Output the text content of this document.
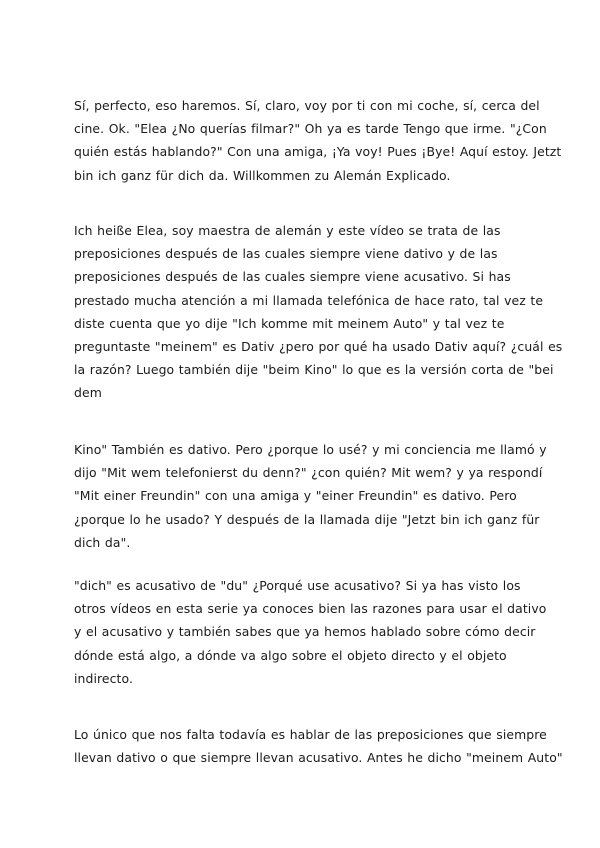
Sí, perfecto, eso haremos. Sí, claro, voy por ti con mi coche, sí, cerca del
cine. Ok. "Elea ¿No querías filmar?" Oh ya es tarde Tengo que irme. "¿Con
quién estás hablando?" Con una amiga, ¡Ya voy! Pues ¡Bye! Aquí estoy. Jetzt
bin ich ganz für dich da. Willkommen zu Alemán Explicado.

Ich heiße Elea, soy maestra de alemán y este vídeo se trata de las
preposiciones después de las cuales siempre viene dativo y de las
preposiciones después de las cuales siempre viene acusativo. Si has
prestado mucha atención a mi llamada telefónica de hace rato, tal vez te
diste cuenta que yo dije "Ich komme mit meinem Auto" y tal vez te
preguntaste "meinem" es Dativ ¿pero por qué ha usado Dativ aquí? ¿cuál es
la razón? Luego también dije "beim Kino" lo que es la versión corta de "bei
dem

Kino" También es dativo. Pero ¿porque lo usé? y mi conciencia me llamó y
dijo "Mit wem telefonierst du denn?" ¿con quién? Mit wem? y ya respondí
"Mit einer Freundin" con una amiga y "einer Freundin" es dativo. Pero
¿porque lo he usado? Y después de la llamada dije "Jetzt bin ich ganz für
dich da".

"dich" es acusativo de "du" ¿Porqué use acusativo? Si ya has visto los
otros vídeos en esta serie ya conoces bien las razones para usar el dativo
y el acusativo y también sabes que ya hemos hablado sobre cómo decir
dónde está algo, a dónde va algo sobre el objeto directo y el objeto
indirecto.

Lo único que nos falta todavía es hablar de las preposiciones que siempre
llevan dativo o que siempre llevan acusativo. Antes he dicho "meinem Auto"
